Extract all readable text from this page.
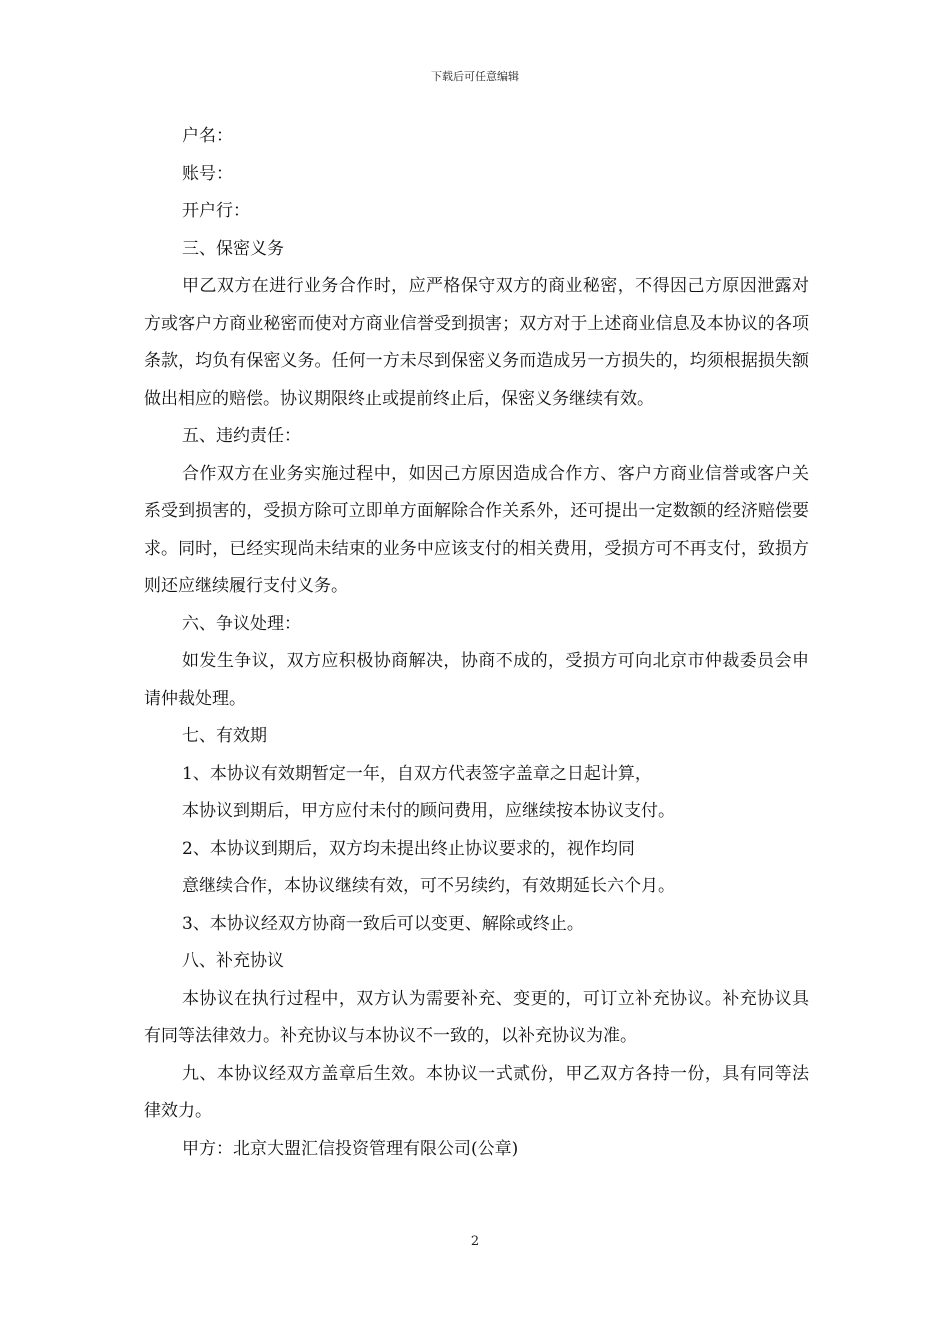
下载后可任意编辑
户名：
账号：
开户行：
三、保密义务
甲乙双方在进行业务合作时，应严格保守双方的商业秘密，不得因己方原因泄露对方或客户方商业秘密而使对方商业信誉受到损害；双方对于上述商业信息及本协议的各项条款，均负有保密义务。任何一方未尽到保密义务而造成另一方损失的，均须根据损失额做出相应的赔偿。协议期限终止或提前终止后，保密义务继续有效。
五、违约责任：
合作双方在业务实施过程中，如因己方原因造成合作方、客户方商业信誉或客户关系受到损害的，受损方除可立即单方面解除合作关系外，还可提出一定数额的经济赔偿要求。同时，已经实现尚未结束的业务中应该支付的相关费用，受损方可不再支付，致损方则还应继续履行支付义务。
六、争议处理：
如发生争议，双方应积极协商解决，协商不成的，受损方可向北京市仲裁委员会申请仲裁处理。
七、有效期
1、本协议有效期暂定一年，自双方代表签字盖章之日起计算，
本协议到期后，甲方应付未付的顾问费用，应继续按本协议支付。
2、本协议到期后，双方均未提出终止协议要求的，视作均同
意继续合作，本协议继续有效，可不另续约，有效期延长六个月。
3、本协议经双方协商一致后可以变更、解除或终止。
八、补充协议
本协议在执行过程中，双方认为需要补充、变更的，可订立补充协议。补充协议具有同等法律效力。补充协议与本协议不一致的，以补充协议为准。
九、本协议经双方盖章后生效。本协议一式贰份，甲乙双方各持一份，具有同等法律效力。
甲方：北京大盟汇信投资管理有限公司(公章)
2
